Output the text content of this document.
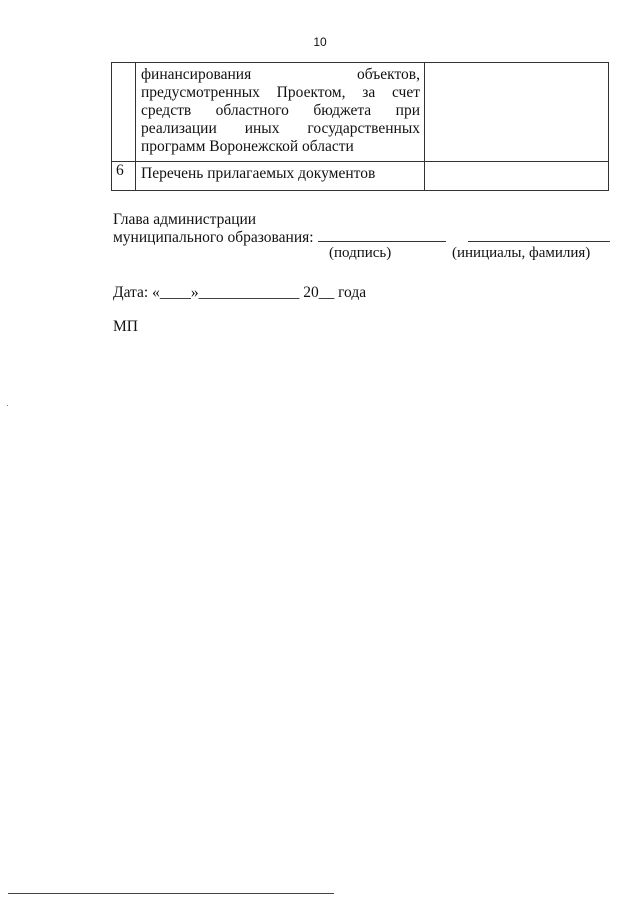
10

	финансирования объектов,
предусмотренных Проектом, за счет
средств областного бюджета при
реализации иных государственных
программ Воронежской области	

6	Перечень прилагаемых документов	

Глава администрации
муниципального образования:
(подпись)	(инициалы, фамилия)
Дата: «____»_____________ 20__ года
МП
